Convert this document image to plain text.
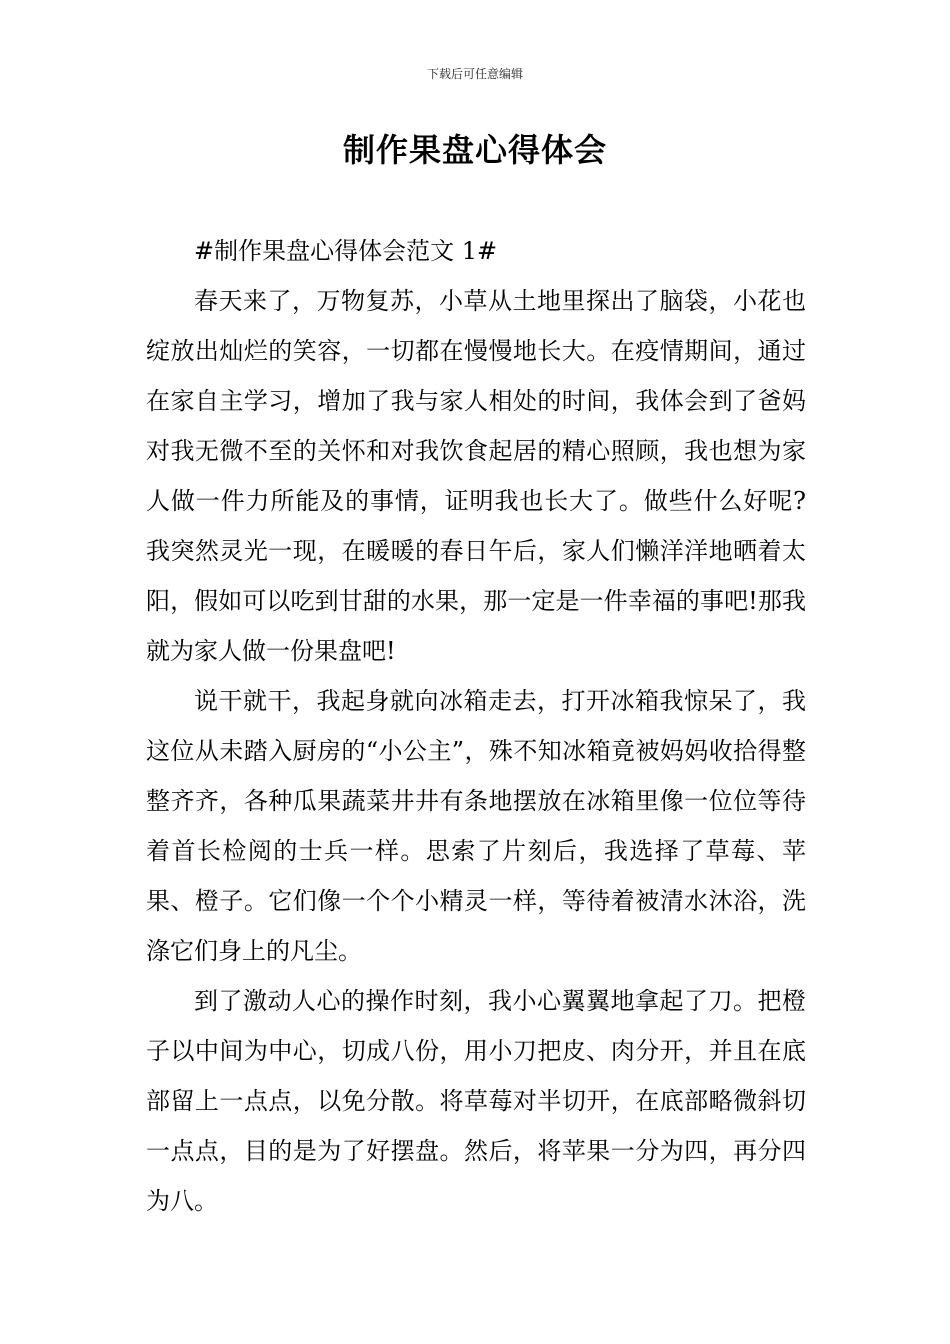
下载后可任意编辑
制作果盘心得体会

#制作果盘心得体会范文 1#

春天来了，万物复苏，小草从土地里探出了脑袋，小花也绽放出灿烂的笑容，一切都在慢慢地长大。在疫情期间，通过在家自主学习，增加了我与家人相处的时间，我体会到了爸妈对我无微不至的关怀和对我饮食起居的精心照顾，我也想为家人做一件力所能及的事情，证明我也长大了。做些什么好呢?我突然灵光一现，在暖暖的春日午后，家人们懒洋洋地晒着太阳，假如可以吃到甘甜的水果，那一定是一件幸福的事吧!那我就为家人做一份果盘吧!

说干就干，我起身就向冰箱走去，打开冰箱我惊呆了，我这位从未踏入厨房的“小公主”，殊不知冰箱竟被妈妈收拾得整整齐齐，各种瓜果蔬菜井井有条地摆放在冰箱里像一位位等待着首长检阅的士兵一样。思索了片刻后，我选择了草莓、苹果、橙子。它们像一个个小精灵一样，等待着被清水沐浴，洗涤它们身上的凡尘。

到了激动人心的操作时刻，我小心翼翼地拿起了刀。把橙子以中间为中心，切成八份，用小刀把皮、肉分开，并且在底部留上一点点，以免分散。将草莓对半切开，在底部略微斜切一点点，目的是为了好摆盘。然后，将苹果一分为四，再分四为八。
